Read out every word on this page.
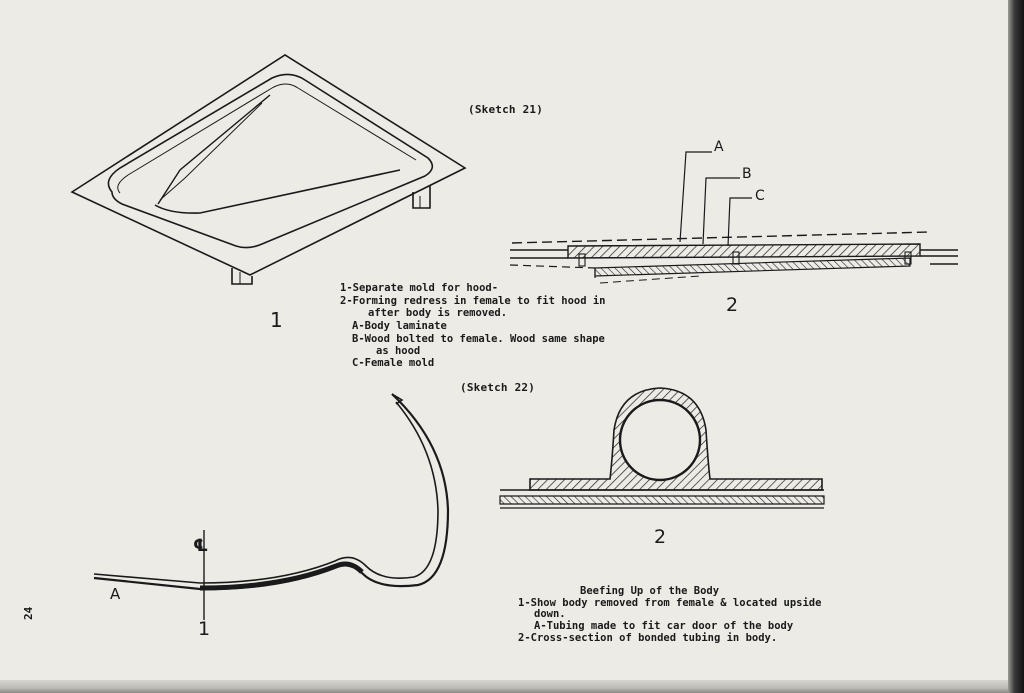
(Sketch 21)
1
2
A
B
C
1-Separate mold for hood-
2-Forming redress in female to fit hood in
after body is removed.
A-Body laminate
B-Wood bolted to female. Wood same shape
as hood
C-Female mold
(Sketch 22)
A
℄
1
2
Beefing Up of the Body
1-Show body removed from female & located upside
down.
A-Tubing made to fit car door of the body
2-Cross-section of bonded tubing in body.
24
